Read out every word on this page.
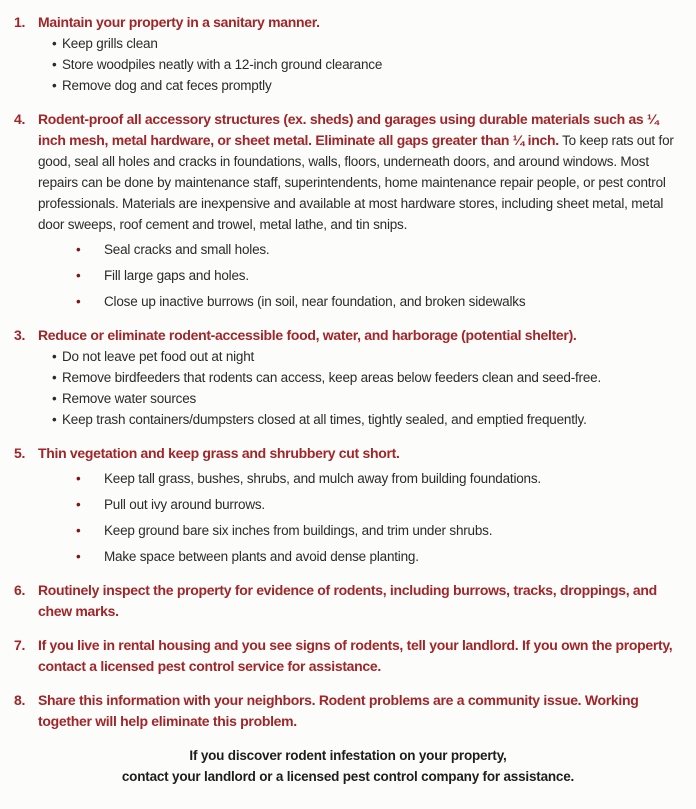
1. Maintain your property in a sanitary manner.

• Keep grills clean
• Store woodpiles neatly with a 12-inch ground clearance
• Remove dog and cat feces promptly
4. Rodent-proof all accessory structures (ex. sheds) and garages using durable materials such as ¼ inch mesh, metal hardware, or sheet metal. Eliminate all gaps greater than ¼ inch. To keep rats out for good, seal all holes and cracks in foundations, walls, floors, underneath doors, and around windows. Most repairs can be done by maintenance staff, superintendents, home maintenance repair people, or pest control professionals. Materials are inexpensive and available at most hardware stores, including sheet metal, metal door sweeps, roof cement and trowel, metal lathe, and tin snips.

• Seal cracks and small holes.
• Fill large gaps and holes.
• Close up inactive burrows (in soil, near foundation, and broken sidewalks
3. Reduce or eliminate rodent-accessible food, water, and harborage (potential shelter).

• Do not leave pet food out at night
• Remove birdfeeders that rodents can access, keep areas below feeders clean and seed-free.
• Remove water sources
• Keep trash containers/dumpsters closed at all times, tightly sealed, and emptied frequently.
5. Thin vegetation and keep grass and shrubbery cut short.

• Keep tall grass, bushes, shrubs, and mulch away from building foundations.
• Pull out ivy around burrows.
• Keep ground bare six inches from buildings, and trim under shrubs.
• Make space between plants and avoid dense planting.
6. Routinely inspect the property for evidence of rodents, including burrows, tracks, droppings, and chew marks.

7. If you live in rental housing and you see signs of rodents, tell your landlord. If you own the property, contact a licensed pest control service for assistance.

8. Share this information with your neighbors. Rodent problems are a community issue. Working together will help eliminate this problem.

If you discover rodent infestation on your property,
contact your landlord or a licensed pest control company for assistance.
